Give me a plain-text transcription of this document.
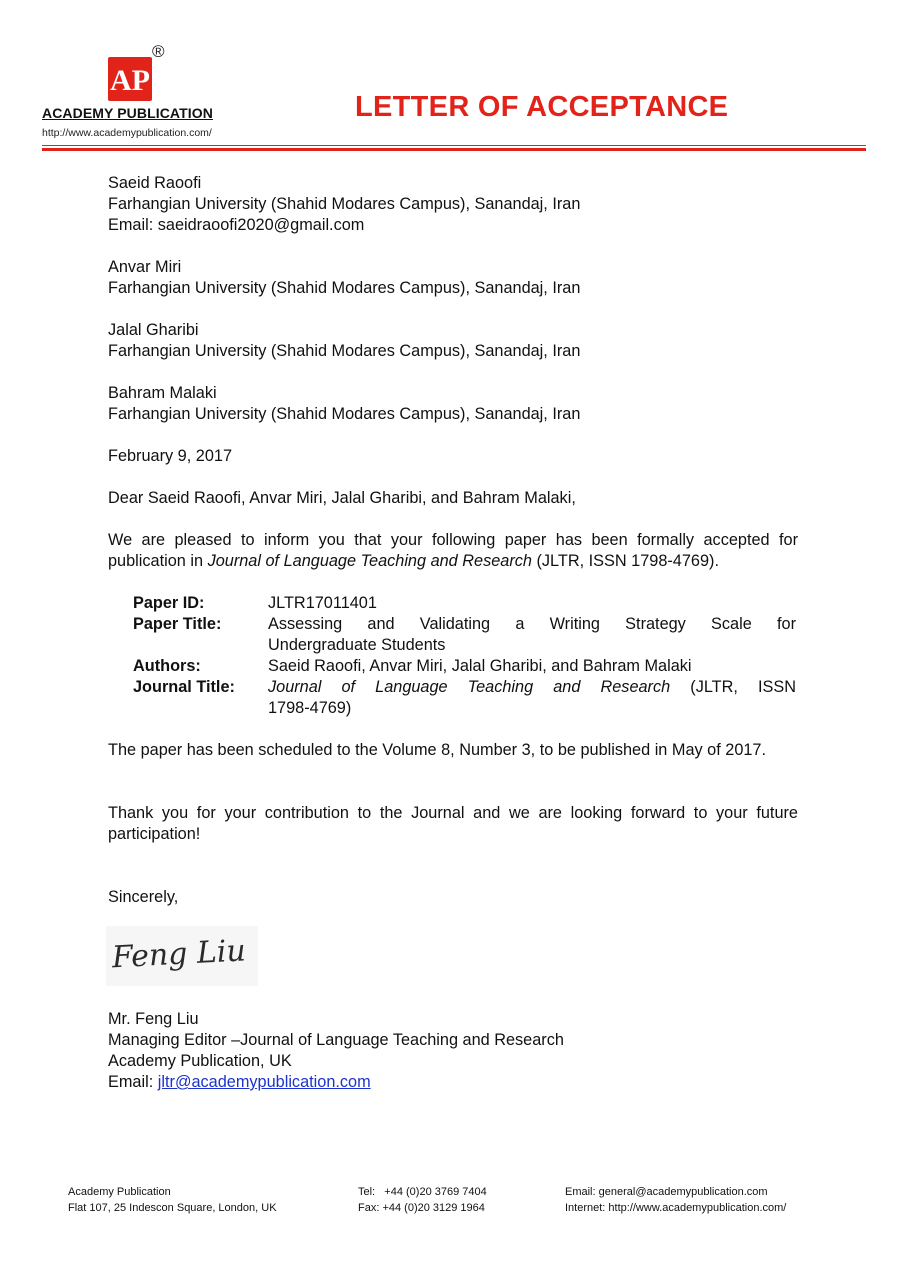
AP
®
ACADEMY PUBLICATION
http://www.academypublication.com/
LETTER OF ACCEPTANCE
Saeid Raoofi
Farhangian University (Shahid Modares Campus), Sanandaj, Iran
Email: saeidraoofi2020@gmail.com
Anvar Miri
Farhangian University (Shahid Modares Campus), Sanandaj, Iran
Jalal Gharibi
Farhangian University (Shahid Modares Campus), Sanandaj, Iran
Bahram Malaki
Farhangian University (Shahid Modares Campus), Sanandaj, Iran
February 9, 2017
Dear Saeid Raoofi, Anvar Miri, Jalal Gharibi, and Bahram Malaki,
We are pleased to inform you that your following paper has been formally accepted for publication in Journal of Language Teaching and Research (JLTR, ISSN 1798-4769).
Paper ID:	JLTR17011401
Paper Title:	Assessing and Validating a Writing Strategy Scale for
Undergraduate Students
Authors:	Saeid Raoofi, Anvar Miri, Jalal Gharibi, and Bahram Malaki
Journal Title: Journal of Language Teaching and Research (JLTR, ISSN
1798-4769)
The paper has been scheduled to the Volume 8, Number 3, to be published in May of 2017.
Thank you for your contribution to the Journal and we are looking forward to your future participation!
Sincerely,
Feng Liu
Mr. Feng Liu
Managing Editor –Journal of Language Teaching and Research
Academy Publication, UK
Email: jltr@academypublication.com
Academy Publication
Flat 107, 25 Indescon Square, London, UK
Tel:   +44 (0)20 3769 7404
Fax: +44 (0)20 3129 1964
Email: general@academypublication.com
Internet: http://www.academypublication.com/
